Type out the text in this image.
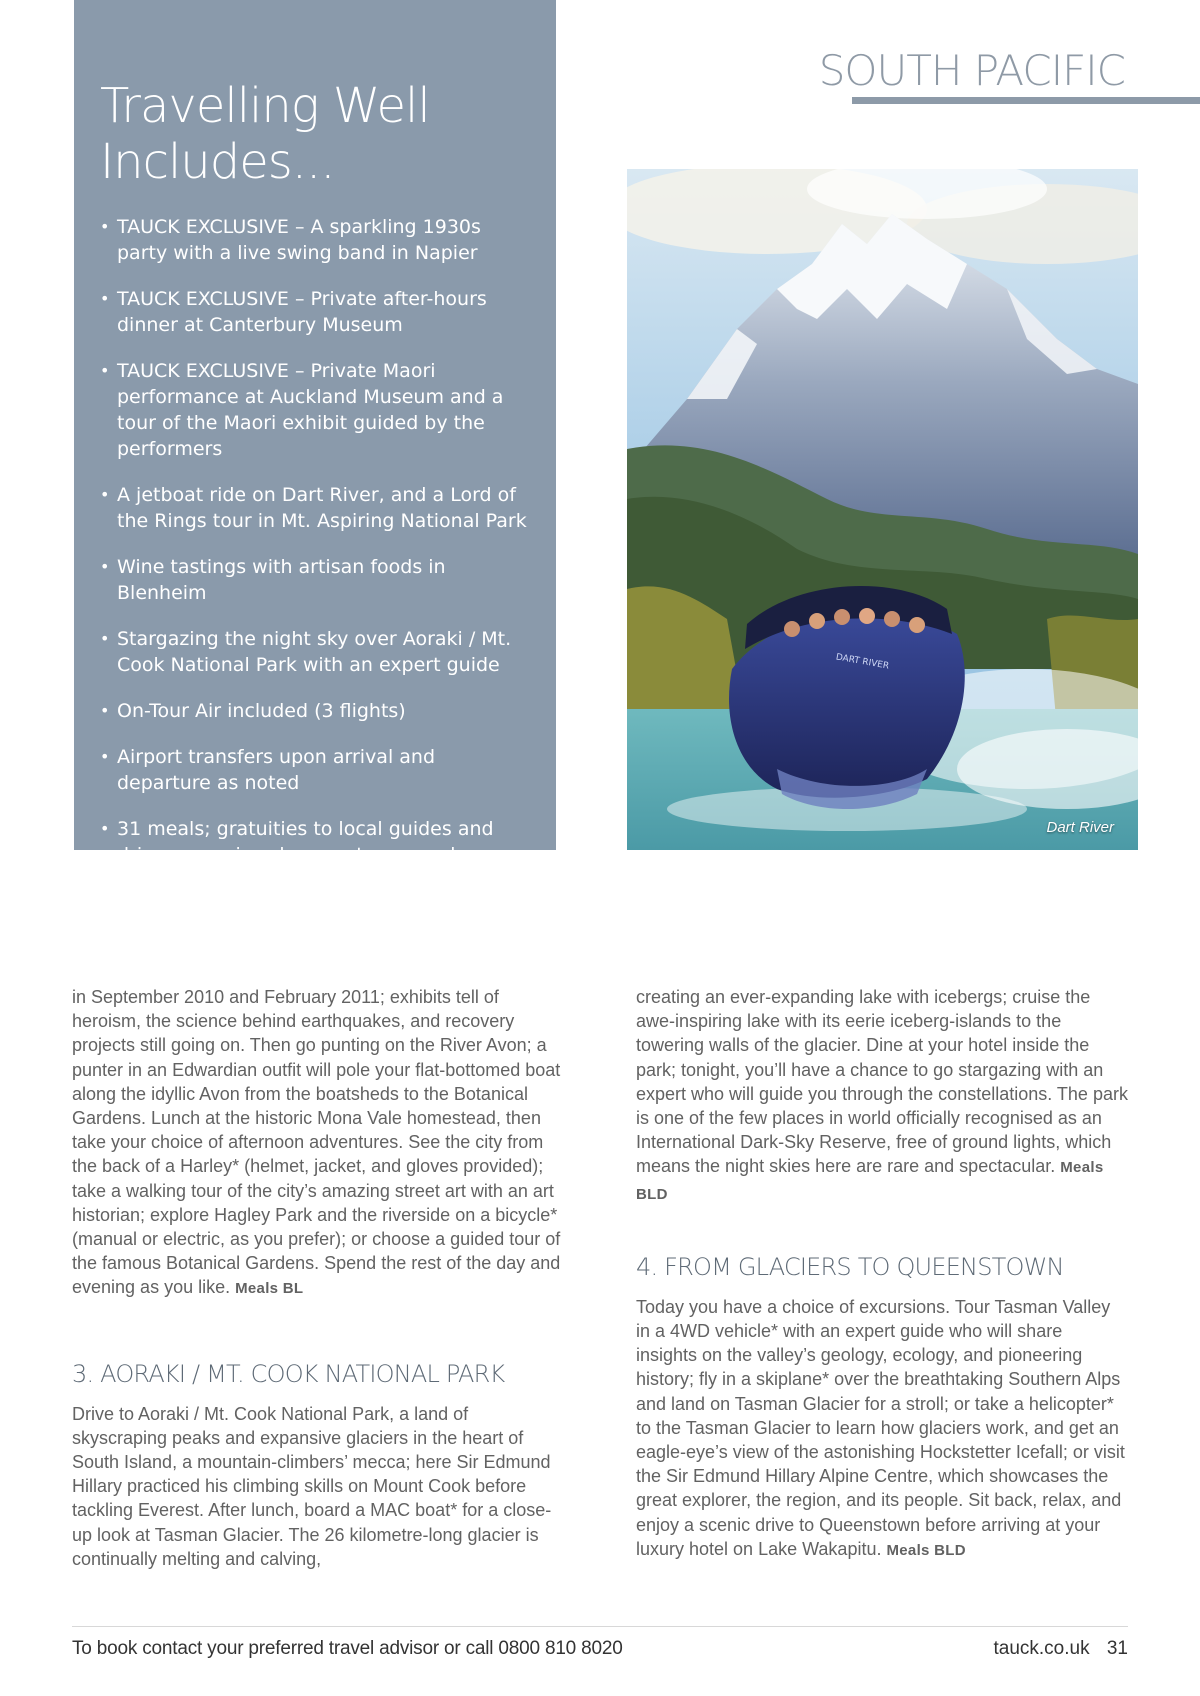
SOUTH PACIFIC
Travelling Well
Includes...
• TAUCK EXCLUSIVE – A sparkling 1930s party with a live swing band in Napier
• TAUCK EXCLUSIVE – Private after-hours dinner at Canterbury Museum
• TAUCK EXCLUSIVE – Private Maori performance at Auckland Museum and a tour of the Maori exhibit guided by the performers
• A jetboat ride on Dart River, and a Lord of the Rings tour in Mt. Aspiring National Park
• Wine tastings with artisan foods in Blenheim
• Stargazing the night sky over Aoraki / Mt. Cook National Park with an expert guide
• On-Tour Air included (3 flights)
• Airport transfers upon arrival and departure as noted
• 31 meals; gratuities to local guides and drivers, service charges, taxes, and porterage
DART RIVER
Dart River

in September 2010 and February 2011; exhibits tell of heroism, the science behind earthquakes, and recovery projects still going on. Then go punting on the River Avon; a punter in an Edwardian outfit will pole your flat-bottomed boat along the idyllic Avon from the boatsheds to the Botanical Gardens. Lunch at the historic Mona Vale homestead, then take your choice of afternoon adventures. See the city from the back of a Harley* (helmet, jacket, and gloves provided); take a walking tour of the city’s amazing street art with an art historian; explore Hagley Park and the riverside on a bicycle* (manual or electric, as you prefer); or choose a guided tour of the famous Botanical Gardens. Spend the rest of the day and evening as you like. Meals BL

3. AORAKI / MT. COOK NATIONAL PARK

Drive to Aoraki / Mt. Cook National Park, a land of skyscraping peaks and expansive glaciers in the heart of South Island, a mountain-climbers’ mecca; here Sir Edmund Hillary practiced his climbing skills on Mount Cook before tackling Everest. After lunch, board a MAC boat* for a close-up look at Tasman Glacier. The 26 kilometre-long glacier is continually melting and calving,

creating an ever-expanding lake with icebergs; cruise the awe-inspiring lake with its eerie iceberg-islands to the towering walls of the glacier. Dine at your hotel inside the park; tonight, you’ll have a chance to go stargazing with an expert who will guide you through the constellations. The park is one of the few places in world officially recognised as an International Dark-Sky Reserve, free of ground lights, which means the night skies here are rare and spectacular. Meals BLD

4. FROM GLACIERS TO QUEENSTOWN

Today you have a choice of excursions. Tour Tasman Valley in a 4WD vehicle* with an expert guide who will share insights on the valley’s geology, ecology, and pioneering history; fly in a skiplane* over the breathtaking Southern Alps and land on Tasman Glacier for a stroll; or take a helicopter* to the Tasman Glacier to learn how glaciers work, and get an eagle-eye’s view of the astonishing Hockstetter Icefall; or visit the Sir Edmund Hillary Alpine Centre, which showcases the great explorer, the region, and its people. Sit back, relax, and enjoy a scenic drive to Queenstown before arriving at your luxury hotel on Lake Wakapitu. Meals BLD

To book contact your preferred travel advisor or call 0800 810 8020	tauck.co.uk 31
